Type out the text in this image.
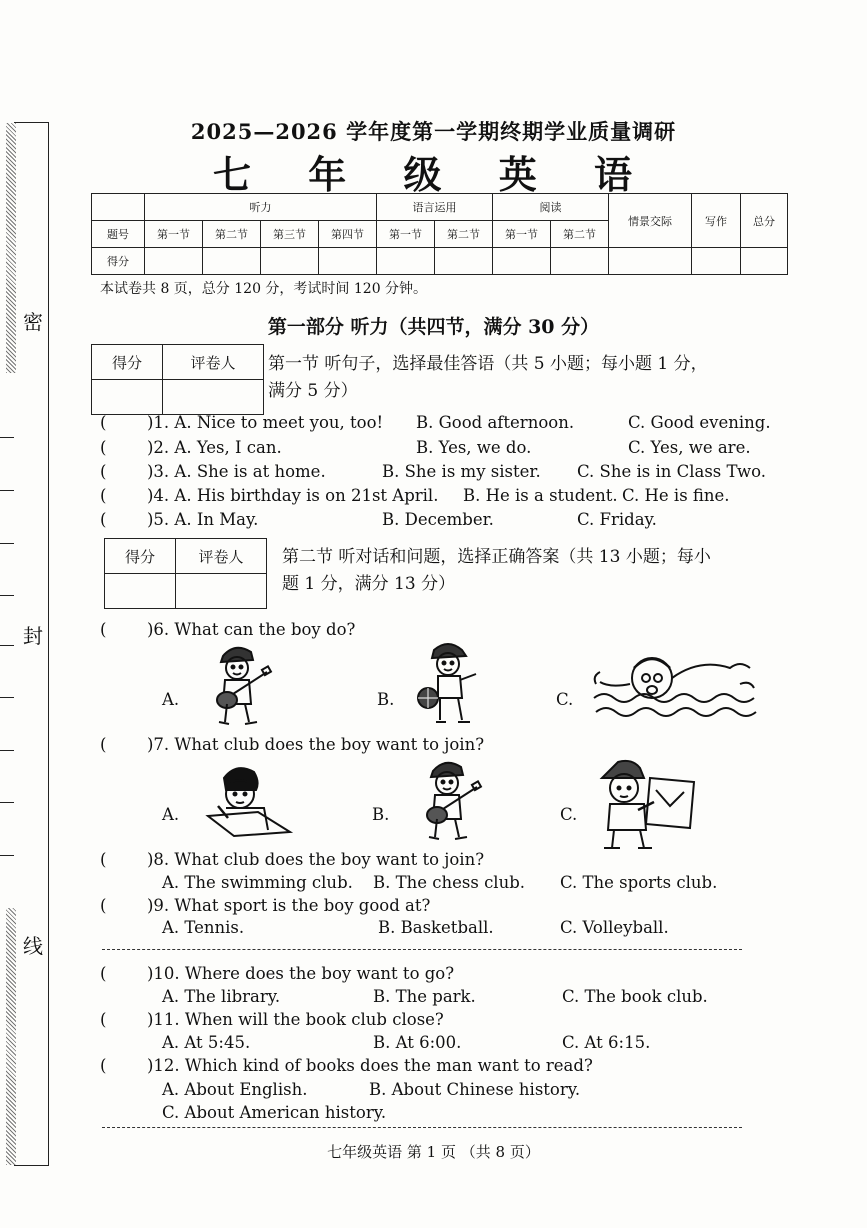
密
封
线
2025—2026 学年度第一学期终期学业质量调研
七 年 级 英 语
	听力				语言运用		阅读		情景交际	写作	总分
题号	第一节	第二节	第三节	第四节	第一节	第二节	第一节	第二节			
得分											
本试卷共 8 页，总分 120 分，考试时间 120 分钟。
第一部分 听力（共四节，满分 30 分）
得分	评卷人
	第一节 听句子，选择最佳答语（共 5 小题；每小题 1 分，
满分 5 分）
( )1. A. Nice to meet you, too! B. Good afternoon.	C. Good evening.
( )2. A. Yes, I can.	B. Yes, we do.	C. Yes, we are.
( )3. A. She is at home.	B. She is my sister. C. She is in Class Two.
( )4. A. His birthday is on 21st April. B. He is a student. C. He is fine.
( )5. A. In May.	B. December.	C. Friday.
得分	评卷人
	第二节 听对话和问题，选择正确答案（共 13 小题；每小
题 1 分，满分 13 分）
( )6. What can the boy do?
A.	B.	C.
( )7. What club does the boy want to join?
A.	B.	C.
( )8. What club does the boy want to join?
A. The swimming club. B. The chess club. C. The sports club.
( )9. What sport is the boy good at?
A. Tennis.	B. Basketball.	C. Volleyball.
( )10. Where does the boy want to go?
A. The library.	B. The park.	C. The book club.
( )11. When will the book club close?
A. At 5:45.	B. At 6:00.	C. At 6:15.
( )12. Which kind of books does the man want to read?
A. About English.	B. About Chinese history.
C. About American history.
七年级英语 第 1 页 （共 8 页）
